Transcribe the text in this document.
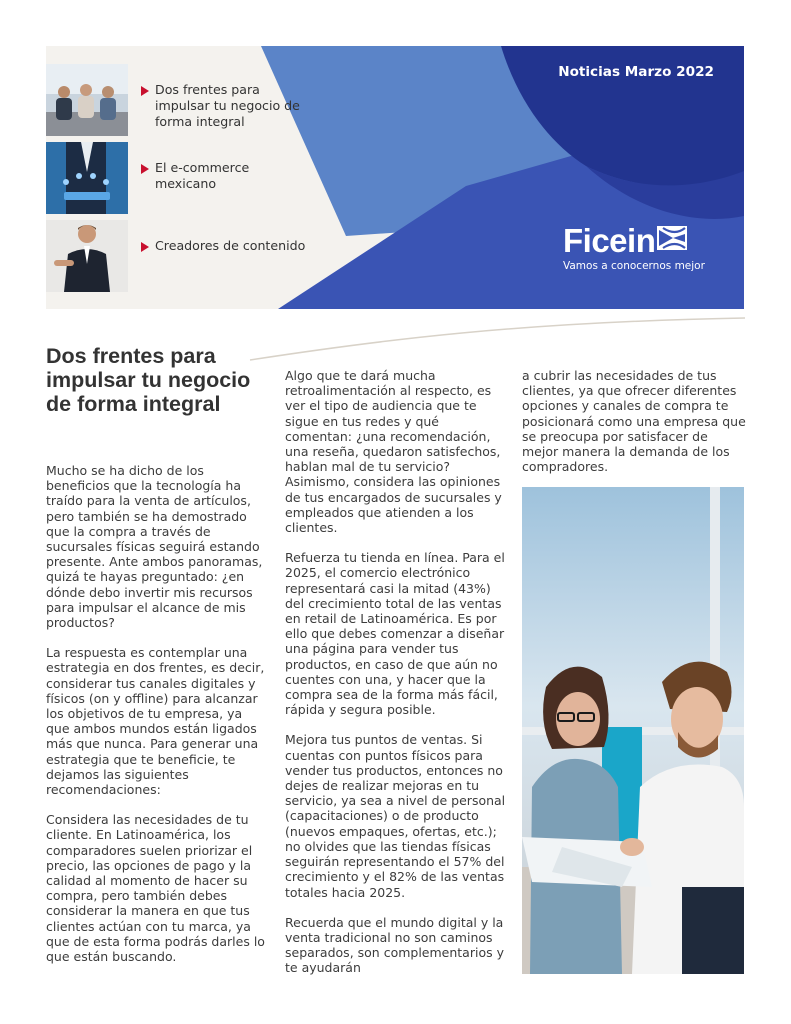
Dos frentes para impulsar tu negocio de forma integral
El e-commerce mexicano
Creadores de contenido
Noticias Marzo 2022
Ficein
Vamos a conocernos mejor
Dos frentes para impulsar tu negocio de forma integral

Mucho se ha dicho de los beneficios que la tecnología ha traído para la venta de artículos, pero también se ha demostrado que la compra a través de sucursales físicas seguirá estando presente. Ante ambos panoramas, quizá te hayas preguntado: ¿en dónde debo invertir mis recursos para impulsar el alcance de mis productos?

La respuesta es contemplar una estrategia en dos frentes, es decir, considerar tus canales digitales y físicos (on y offline) para alcanzar los objetivos de tu empresa, ya que ambos mundos están ligados más que nunca. Para generar una estrategia que te beneficie, te dejamos las siguientes recomendaciones:

Considera las necesidades de tu cliente. En Latinoamérica, los comparadores suelen priorizar el precio, las opciones de pago y la calidad al momento de hacer su compra, pero también debes considerar la manera en que tus clientes actúan con tu marca, ya que de esta forma podrás darles lo que están buscando.

Algo que te dará mucha retroalimentación al respecto, es ver el tipo de audiencia que te sigue en tus redes y qué comentan: ¿una recomendación, una reseña, quedaron satisfechos, hablan mal de tu servicio? Asimismo, considera las opiniones de tus encargados de sucursales y empleados que atienden a los clientes.

Refuerza tu tienda en línea. Para el 2025, el comercio electrónico representará casi la mitad (43%) del crecimiento total de las ventas en retail de Latinoamérica. Es por ello que debes comenzar a diseñar una página para vender tus productos, en caso de que aún no cuentes con una, y hacer que la compra sea de la forma más fácil, rápida y segura posible.

Mejora tus puntos de ventas. Si cuentas con puntos físicos para vender tus productos, entonces no dejes de realizar mejoras en tu servicio, ya sea a nivel de personal (capacitaciones) o de producto (nuevos empaques, ofertas, etc.); no olvides que las tiendas físicas seguirán representando el 57% del crecimiento y el 82% de las ventas totales hacia 2025.

Recuerda que el mundo digital y la venta tradicional no son caminos separados, son complementarios y te ayudarán

a cubrir las necesidades de tus clientes, ya que ofrecer diferentes opciones y canales de compra te posicionará como una empresa que se preocupa por satisfacer de mejor manera la demanda de los compradores.
